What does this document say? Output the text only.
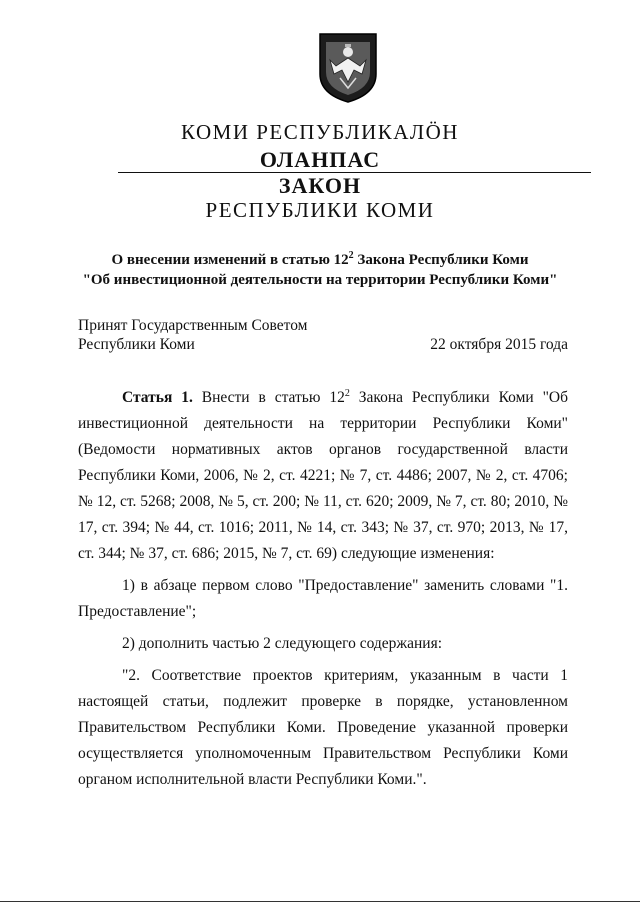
КОМИ РЕСПУБЛИКАЛÖН
ОЛАНПАС
ЗАКОН
РЕСПУБЛИКИ КОМИ
О внесении изменений в статью $12^2$ Закона Республики Коми
"Об инвестиционной деятельности на территории Республики Коми"
Принят Государственным Советом
Республики Коми	22 октября 2015 года

Статья 1. Внести в статью $12^2$ Закона Республики Коми "Об инвестиционной деятельности на территории Республики Коми" (Ведомости нормативных актов органов государственной власти Республики Коми, 2006, № 2, ст. 4221; № 7, ст. 4486; 2007, № 2, ст. 4706; № 12, ст. 5268; 2008, № 5, ст. 200; № 11, ст. 620; 2009, № 7, ст. 80; 2010, № 17, ст. 394; № 44, ст. 1016; 2011, № 14, ст. 343; № 37, ст. 970; 2013, № 17, ст. 344; № 37, ст. 686; 2015, № 7, ст. 69) следующие изменения:

1) в абзаце первом слово "Предоставление" заменить словами "1. Предоставление";

2) дополнить частью 2 следующего содержания:

"2. Соответствие проектов критериям, указанным в части 1 настоящей статьи, подлежит проверке в порядке, установленном Правительством Республики Коми. Проведение указанной проверки осуществляется уполномоченным Правительством Республики Коми органом исполнительной власти Республики Коми.".
